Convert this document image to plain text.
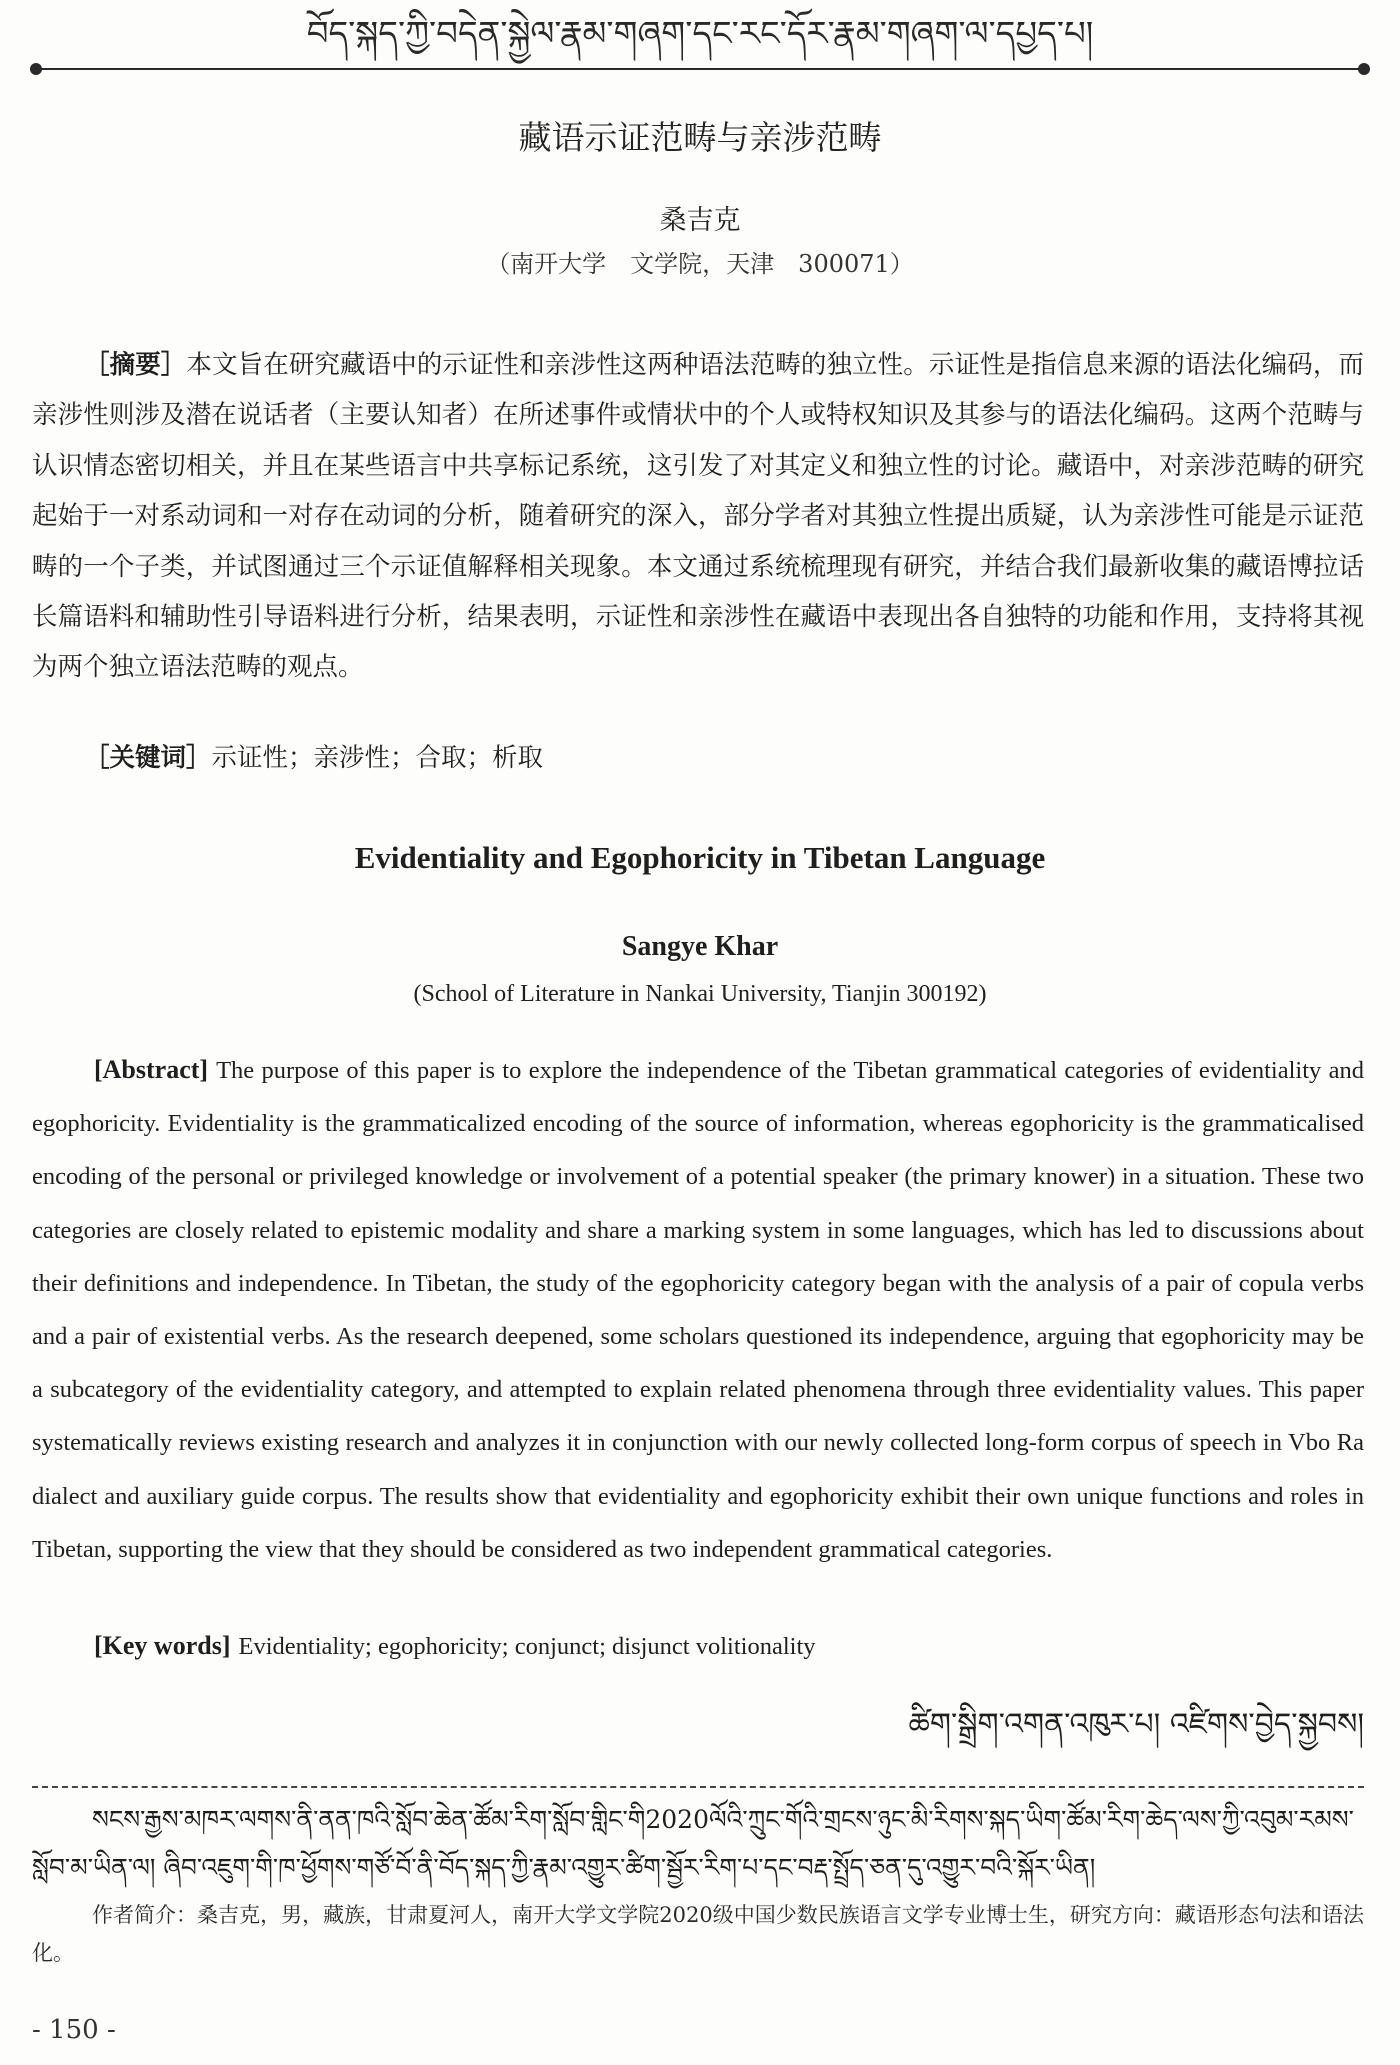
བོད་སྐད་ཀྱི་བདེན་སྐྱེལ་རྣམ་གཞག་དང་རང་དོར་རྣམ་གཞག་ལ་དཔྱད་པ།
藏语示证范畴与亲涉范畴
桑吉克
（南开大学　文学院，天津　300071）
［摘要］本文旨在研究藏语中的示证性和亲涉性这两种语法范畴的独立性。示证性是指信息来源的语法化编码，而亲涉性则涉及潜在说话者（主要认知者）在所述事件或情状中的个人或特权知识及其参与的语法化编码。这两个范畴与认识情态密切相关，并且在某些语言中共享标记系统，这引发了对其定义和独立性的讨论。藏语中，对亲涉范畴的研究起始于一对系动词和一对存在动词的分析，随着研究的深入，部分学者对其独立性提出质疑，认为亲涉性可能是示证范畴的一个子类，并试图通过三个示证值解释相关现象。本文通过系统梳理现有研究，并结合我们最新收集的藏语博拉话长篇语料和辅助性引导语料进行分析，结果表明，示证性和亲涉性在藏语中表现出各自独特的功能和作用，支持将其视为两个独立语法范畴的观点。
［关键词］示证性；亲涉性；合取；析取
Evidentiality and Egophoricity in Tibetan Language
Sangye Khar
(School of Literature in Nankai University, Tianjin 300192)
[Abstract] The purpose of this paper is to explore the independence of the Tibetan grammatical categories of evidentiality and egophoricity. Evidentiality is the grammaticalized encoding of the source of information, whereas egophoricity is the grammaticalised encoding of the personal or privileged knowledge or involvement of a potential speaker (the primary knower) in a situation. These two categories are closely related to epistemic modality and share a marking system in some languages, which has led to discussions about their definitions and independence. In Tibetan, the study of the egophoricity category began with the analysis of a pair of copula verbs and a pair of existential verbs. As the research deepened, some scholars questioned its independence, arguing that egophoricity may be a subcategory of the evidentiality category, and attempted to explain related phenomena through three evidentiality values. This paper systematically reviews existing research and analyzes it in conjunction with our newly collected long-form corpus of speech in Vbo Ra dialect and auxiliary guide corpus. The results show that evidentiality and egophoricity exhibit their own unique functions and roles in Tibetan, supporting the view that they should be considered as two independent grammatical categories.
[Key words] Evidentiality; egophoricity; conjunct; disjunct volitionality
ཚིག་སྒྲིག་འགན་འཁུར་པ། འཛིགས་བྱེད་སྐྱབས།
སངས་རྒྱས་མཁར་ལགས་ནི་ནན་ཁའི་སློབ་ཆེན་ཚོམ་རིག་སློབ་གླིང་གི2020ལོའི་ཀྲུང་གོའི་གྲངས་ཉུང་མི་རིགས་སྐད་ཡིག་ཚོམ་རིག་ཆེད་ལས་ཀྱི་འབུམ་རམས་སློབ་མ་ཡིན་ལ། ཞིབ་འཇུག་གི་ཁ་ཕྱོགས་གཙོ་བོ་ནི་བོད་སྐད་ཀྱི་རྣམ་འགྱུར་ཚིག་སྦྱོར་རིག་པ་དང་བརྡ་སྤྲོད་ཅན་དུ་འགྱུར་བའི་སྐོར་ཡིན།
作者简介：桑吉克，男，藏族，甘肃夏河人，南开大学文学院2020级中国少数民族语言文学专业博士生，研究方向：藏语形态句法和语法化。
- 150 -
